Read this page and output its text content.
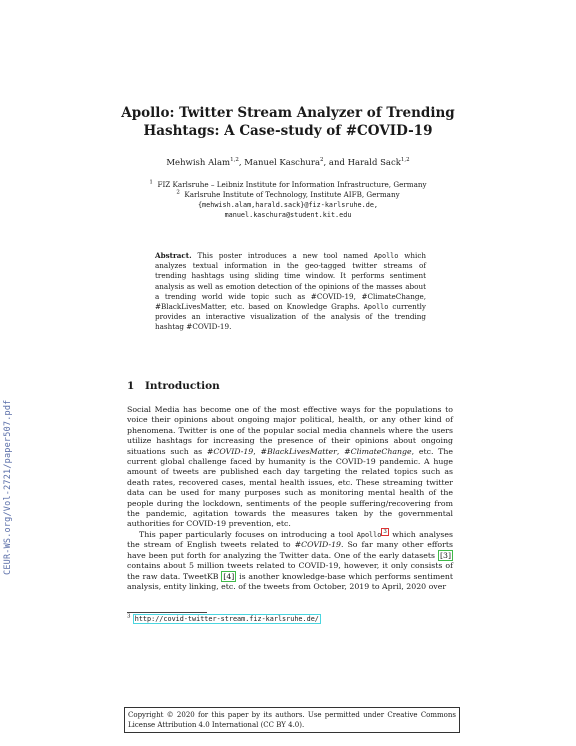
CEUR-WS.org/Vol-2721/paper507.pdf
Apollo: Twitter Stream Analyzer of Trending
Hashtags: A Case-study of #COVID-19
Mehwish Alam$^{1,2}$, Manuel Kaschura$^2$, and Harald Sack$^{1,2}$
$^1$ FIZ Karlsruhe – Leibniz Institute for Information Infrastructure, Germany
$^2$ Karlsruhe Institute of Technology, Institute AIFB, Germany
{mehwish.alam,harald.sack}@fiz-karlsruhe.de,
manuel.kaschura@student.kit.edu
Abstract. This poster introduces a new tool named Apollo which analyzes textual information in the geo-tagged twitter streams of trending hashtags using sliding time window. It performs sentiment analysis as well as emotion detection of the opinions of the masses about a trending world wide topic such as #COVID-19, #ClimateChange, #BlackLivesMatter, etc. based on Knowledge Graphs. Apollo currently provides an interactive visualization of the analysis of the trending hashtag #COVID-19.
1 Introduction

Social Media has become one of the most effective ways for the populations to voice their opinions about ongoing major political, health, or any other kind of phenomena. Twitter is one of the popular social media channels where the users utilize hashtags for increasing the presence of their opinions about ongoing situations such as #COVID-19, #BlackLivesMatter, #ClimateChange, etc. The current global challenge faced by humanity is the COVID-19 pandemic. A huge amount of tweets are published each day targeting the related topics such as death rates, recovered cases, mental health issues, etc. These streaming twitter data can be used for many purposes such as monitoring mental health of the people during the lockdown, sentiments of the people suffering/recovering from the pandemic, agitation towards the measures taken by the governmental authorities for COVID-19 prevention, etc.

This paper particularly focuses on introducing a tool Apollo $^3$ which analyses the stream of English tweets related to #COVID-19. So far many other efforts have been put forth for analyzing the Twitter data. One of the early datasets [3] contains about 5 million tweets related to COVID-19, however, it only consists of the raw data. TweetKB [4] is another knowledge-base which performs sentiment analysis, entity linking, etc. of the tweets from October, 2019 to April, 2020 over

$^3$ http://covid-twitter-stream.fiz-karlsruhe.de/
Copyright © 2020 for this paper by its authors. Use permitted under Creative Commons License Attribution 4.0 International (CC BY 4.0).
